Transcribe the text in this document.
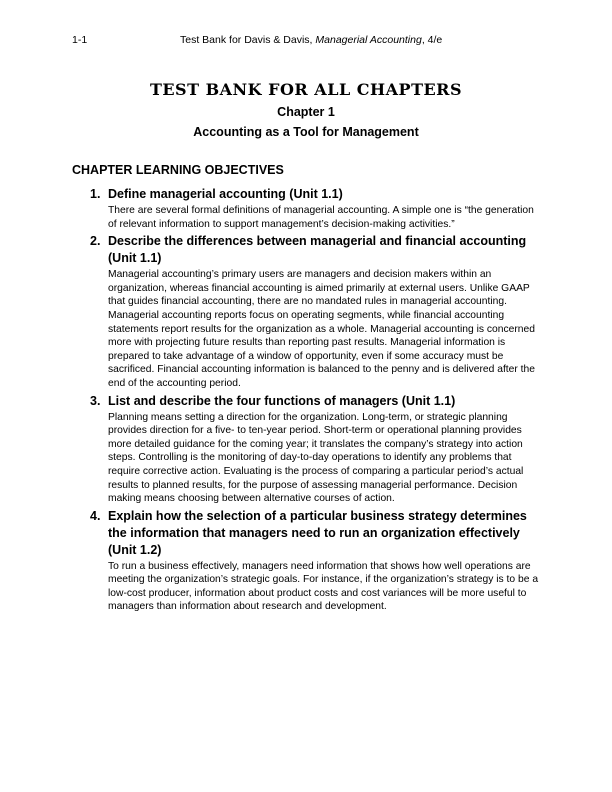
1-1	Test Bank for Davis & Davis, Managerial Accounting, 4/e
TEST BANK FOR ALL CHAPTERS
Chapter 1
Accounting as a Tool for Management
CHAPTER LEARNING OBJECTIVES
1. Define managerial accounting (Unit 1.1)
There are several formal definitions of managerial accounting. A simple one is “the generation of relevant information to support management’s decision-making activities.”
2. Describe the differences between managerial and financial accounting (Unit 1.1)
Managerial accounting’s primary users are managers and decision makers within an organization, whereas financial accounting is aimed primarily at external users. Unlike GAAP that guides financial accounting, there are no mandated rules in managerial accounting. Managerial accounting reports focus on operating segments, while financial accounting statements report results for the organization as a whole. Managerial accounting is concerned more with projecting future results than reporting past results. Managerial information is prepared to take advantage of a window of opportunity, even if some accuracy must be sacrificed. Financial accounting information is balanced to the penny and is delivered after the end of the accounting period.
3. List and describe the four functions of managers (Unit 1.1)
Planning means setting a direction for the organization. Long-term, or strategic planning provides direction for a five- to ten-year period. Short-term or operational planning provides more detailed guidance for the coming year; it translates the company’s strategy into action steps. Controlling is the monitoring of day-to-day operations to identify any problems that require corrective action. Evaluating is the process of comparing a particular period’s actual results to planned results, for the purpose of assessing managerial performance. Decision making means choosing between alternative courses of action.
4. Explain how the selection of a particular business strategy determines the information that managers need to run an organization effectively (Unit 1.2)
To run a business effectively, managers need information that shows how well operations are meeting the organization’s strategic goals. For instance, if the organization’s strategy is to be a low-cost producer, information about product costs and cost variances will be more useful to managers than information about research and development.
